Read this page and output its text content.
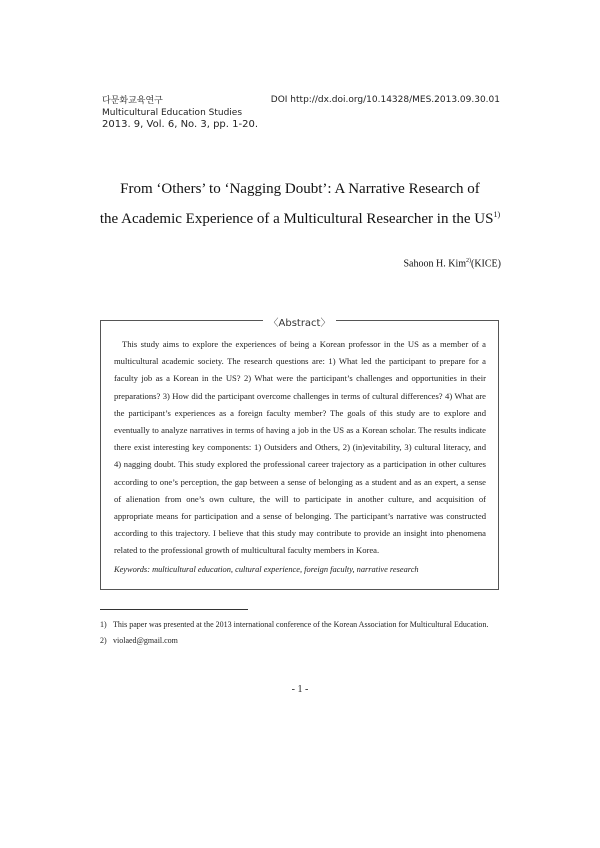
다문화교육연구
Multicultural Education Studies
2013. 9, Vol. 6, No. 3, pp. 1-20.
DOI http://dx.doi.org/10.14328/MES.2013.09.30.01
From ‘Others’ to ‘Nagging Doubt’: A Narrative Research of
the Academic Experience of a Multicultural Researcher in the US$^{1)}$
Sahoon H. Kim$^{2)}$(KICE)
〈Abstract〉
This study aims to explore the experiences of being a Korean professor in the US as a member of a multicultural academic society. The research questions are: 1) What led the participant to prepare for a faculty job as a Korean in the US? 2) What were the participant’s challenges and opportunities in their preparations? 3) How did the participant overcome challenges in terms of cultural differences? 4) What are the participant’s experiences as a foreign faculty member? The goals of this study are to explore and eventually to analyze narratives in terms of having a job in the US as a Korean scholar. The results indicate there exist interesting key components: 1) Outsiders and Others, 2) (in)evitability, 3) cultural literacy, and 4) nagging doubt. This study explored the professional career trajectory as a participation in other cultures according to one’s perception, the gap between a sense of belonging as a student and as an expert, a sense of alienation from one’s own culture, the will to participate in another culture, and acquisition of appropriate means for participation and a sense of belonging. The participant’s narrative was constructed according to this trajectory. I believe that this study may contribute to provide an insight into phenomena related to the professional growth of multicultural faculty members in Korea.
Keywords: multicultural education, cultural experience, foreign faculty, narrative research
1) This paper was presented at the 2013 international conference of the Korean Association for Multicultural Education.
2) violaed@gmail.com
- 1 -
